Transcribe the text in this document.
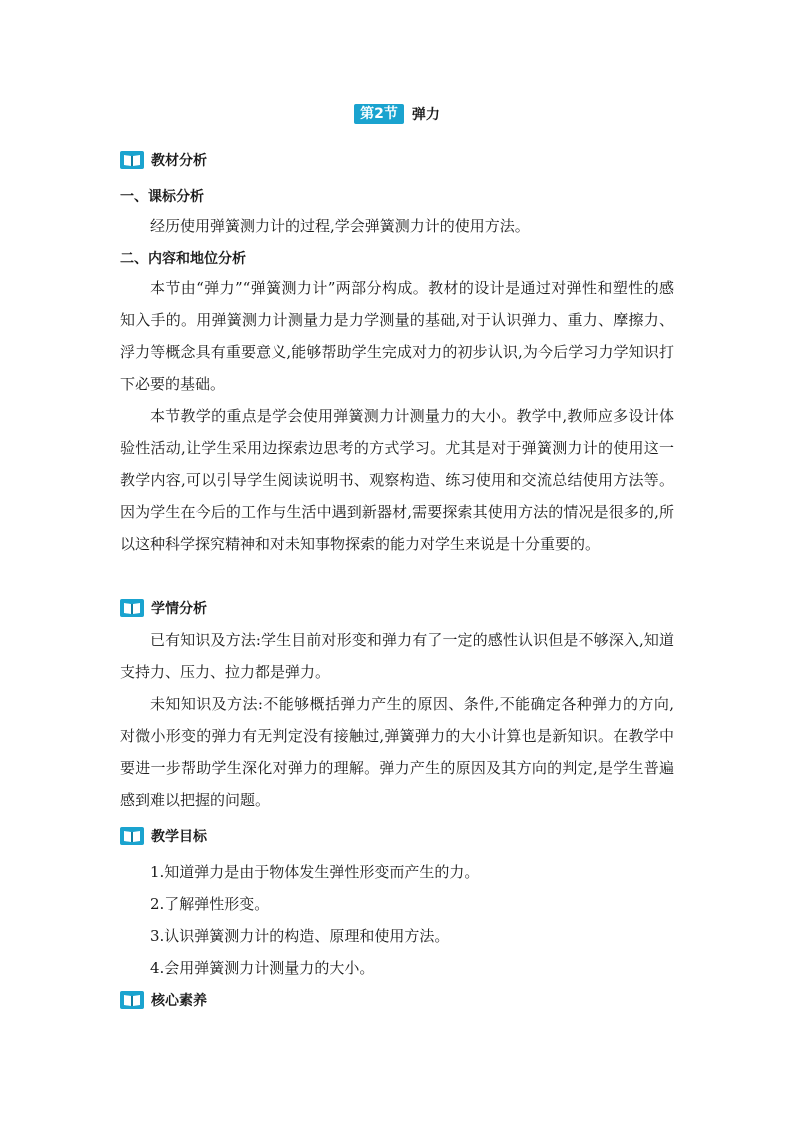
第2节	弹力
教材分析
一、课标分析

经历使用弹簧测力计的过程,学会弹簧测力计的使用方法。

二、内容和地位分析

本节由“弹力”“弹簧测力计”两部分构成。教材的设计是通过对弹性和塑性的感知入手的。用弹簧测力计测量力是力学测量的基础,对于认识弹力、重力、摩擦力、浮力等概念具有重要意义,能够帮助学生完成对力的初步认识,为今后学习力学知识打下必要的基础。

本节教学的重点是学会使用弹簧测力计测量力的大小。教学中,教师应多设计体验性活动,让学生采用边探索边思考的方式学习。尤其是对于弹簧测力计的使用这一教学内容,可以引导学生阅读说明书、观察构造、练习使用和交流总结使用方法等。因为学生在今后的工作与生活中遇到新器材,需要探索其使用方法的情况是很多的,所以这种科学探究精神和对未知事物探索的能力对学生来说是十分重要的。

学情分析

已有知识及方法:学生目前对形变和弹力有了一定的感性认识但是不够深入,知道支持力、压力、拉力都是弹力。

未知知识及方法:不能够概括弹力产生的原因、条件,不能确定各种弹力的方向,对微小形变的弹力有无判定没有接触过,弹簧弹力的大小计算也是新知识。在教学中要进一步帮助学生深化对弹力的理解。弹力产生的原因及其方向的判定,是学生普遍感到难以把握的问题。

教学目标

1.知道弹力是由于物体发生弹性形变而产生的力。

2.了解弹性形变。

3.认识弹簧测力计的构造、原理和使用方法。

4.会用弹簧测力计测量力的大小。

核心素养
